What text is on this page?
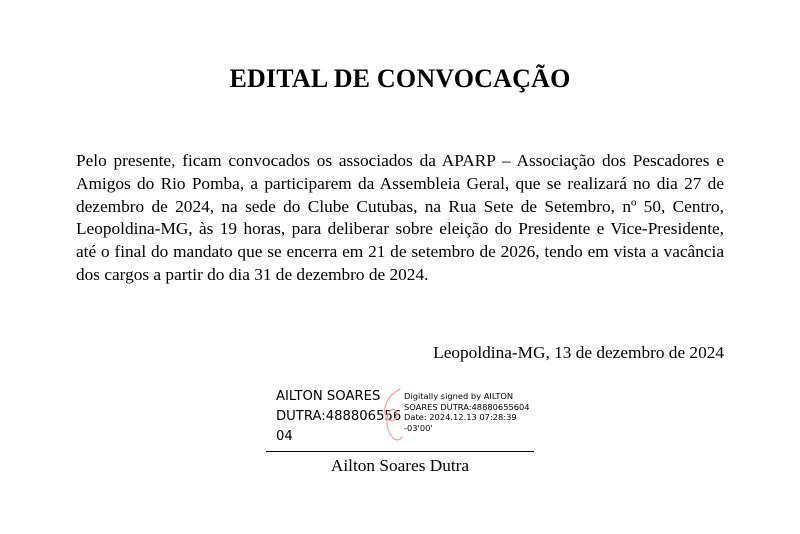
EDITAL DE CONVOCAÇÃO
Pelo presente, ficam convocados os associados da APARP – Associação dos Pescadores e Amigos do Rio Pomba, a participarem da Assembleia Geral, que se realizará no dia 27 de dezembro de 2024, na sede do Clube Cutubas, na Rua Sete de Setembro, nº 50, Centro, Leopoldina-MG, às 19 horas, para deliberar sobre eleição do Presidente e Vice-Presidente, até o final do mandato que se encerra em 21 de setembro de 2026, tendo em vista a vacância dos cargos a partir do dia 31 de dezembro de 2024.
Leopoldina-MG, 13 de dezembro de 2024
AILTON SOARES
DUTRA:488806556
04
Digitally signed by AILTON
SOARES DUTRA:48880655604
Date: 2024.12.13 07:28:39
-03'00'
Ailton Soares Dutra
